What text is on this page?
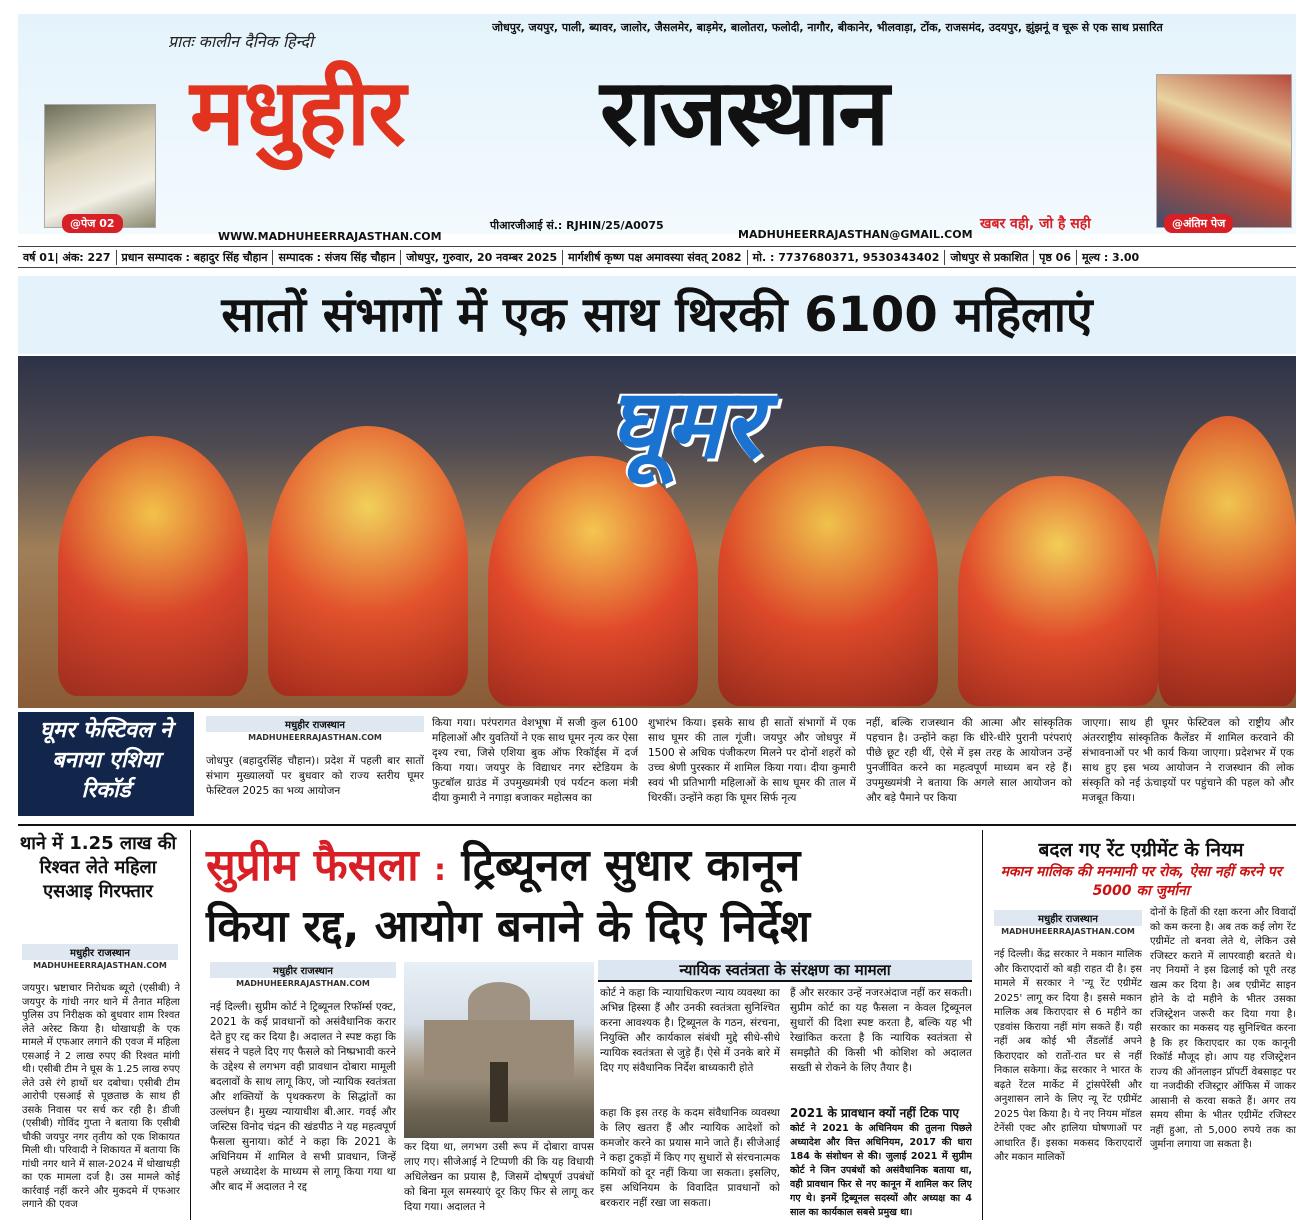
@पेज 02
प्रातः कालीन दैनिक हिन्दी
मधुहीर राजस्थान
जोधपुर, जयपुर, पाली, ब्यावर, जालोर, जैसलमेर, बाड़मेर, बालोतरा, फलोदी, नागौर, बीकानेर, भीलवाड़ा, टोंक, राजसमंद, उदयपुर, झुंझनूं व चूरू से एक साथ प्रसारित
पीआरजीआई सं.: RJHIN/25/A0075
WWW.MADHUHEERRAJASTHAN.COM	MADHUHEERRAJASTHAN@GMAIL.COM
खबर वही, जो है सही	@अंतिम पेज
वर्ष 01| अंक: 227	प्रधान सम्पादक : बहादुर सिंह चौहान	सम्पादक : संजय सिंह चौहान	जोधपुर, गुरुवार, 20 नवम्बर 2025	मार्गशीर्ष कृष्ण पक्ष अमावस्या संवत् 2082	मो. : 7737680371, 9530343402	जोधपुर से प्रकाशित	पृष्ठ 06	मूल्य : 3.00
सातों संभागों में एक साथ थिरकी 6100 महिलाएं
घूमर
घूमर फेस्टिवल ने बनाया एशिया रिकॉर्ड
मधुहीर राजस्थान
MADHUHEERRAJASTHAN.COM
जोधपुर (बहादुरसिंह चौहान)। प्रदेश में पहली बार सातों संभाग मुख्यालयों पर बुधवार को राज्य स्तरीय घूमर फेस्टिवल 2025 का भव्य आयोजन
किया गया। परंपरागत वेशभूषा में सजी कुल 6100 महिलाओं और युवतियों ने एक साथ घूमर नृत्य कर ऐसा दृश्य रचा, जिसे एशिया बुक ऑफ रिकॉर्ड्स में दर्ज किया गया। जयपुर के विद्याधर नगर स्टेडियम के फुटबॉल ग्राउंड में उपमुख्यमंत्री एवं पर्यटन कला मंत्री दीया कुमारी ने नगाड़ा बजाकर महोत्सव का
शुभारंभ किया। इसके साथ ही सातों संभागों में एक साथ घूमर की ताल गूंजी। जयपुर और जोधपुर में 1500 से अधिक पंजीकरण मिलने पर दोनों शहरों को उच्च श्रेणी पुरस्कार में शामिल किया गया। दीया कुमारी स्वयं भी प्रतिभागी महिलाओं के साथ घूमर की ताल में थिरकीं। उन्होंने कहा कि घूमर सिर्फ नृत्य
नहीं, बल्कि राजस्थान की आत्मा और सांस्कृतिक पहचान है। उन्होंने कहा कि धीरे-धीरे पुरानी परंपराएं पीछे छूट रही थीं, ऐसे में इस तरह के आयोजन उन्हें पुनर्जीवित करने का महत्वपूर्ण माध्यम बन रहे हैं। उपमुख्यमंत्री ने बताया कि अगले साल आयोजन को और बड़े पैमाने पर किया
जाएगा। साथ ही घूमर फेस्टिवल को राष्ट्रीय और अंतरराष्ट्रीय सांस्कृतिक कैलेंडर में शामिल करवाने की संभावनाओं पर भी कार्य किया जाएगा। प्रदेशभर में एक साथ हुए इस भव्य आयोजन ने राजस्थान की लोक संस्कृति को नई ऊंचाइयों पर पहुंचाने की पहल को और मजबूत किया।
थाने में 1.25 लाख की रिश्वत लेते महिला एसआइ गिरफ्तार
मधुहीर राजस्थान
MADHUHEERRAJASTHAN.COM
जयपुर। भ्रष्टाचार निरोधक ब्यूरो (एसीबी) ने जयपुर के गांधी नगर थाने में तैनात महिला पुलिस उप निरीक्षक को बुधवार शाम रिश्वत लेते अरेस्ट किया है। धोखाधड़ी के एक मामले में एफआर लगाने की एवज में महिला एसआई ने 2 लाख रुपए की रिश्वत मांगी थी। एसीबी टीम ने घूस के 1.25 लाख रुपए लेते उसे रंगे हाथों धर दबोचा। एसीबी टीम आरोपी एसआई से पूछताछ के साथ ही उसके निवास पर सर्च कर रही है। डीजी (एसीबी) गोविंद गुप्ता ने बताया कि एसीबी चौकी जयपुर नगर तृतीय को एक शिकायत मिली थी। परिवादी ने शिकायत में बताया कि गांधी नगर थाने में साल-2024 में धोखाधड़ी का एक मामला दर्ज है। उस मामले कोई कार्रवाई नहीं करने और मुकदमे में एफआर लगाने की एवज
सुप्रीम फैसला : ट्रिब्यूनल सुधार कानून
किया रद्द, आयोग बनाने के दिए निर्देश
मधुहीर राजस्थान
MADHUHEERRAJASTHAN.COM
नई दिल्ली। सुप्रीम कोर्ट ने ट्रिब्यूनल रिफॉर्म्स एक्ट, 2021 के कई प्रावधानों को असंवैधानिक करार देते हुए रद्द कर दिया है। अदालत ने स्पष्ट कहा कि संसद ने पहले दिए गए फैसले को निष्प्रभावी करने के उद्देश्य से लगभग वही प्रावधान दोबारा मामूली बदलावों के साथ लागू किए, जो न्यायिक स्वतंत्रता और शक्तियों के पृथक्करण के सिद्धांतों का उल्लंघन है। मुख्य न्यायाधीश बी.आर. गवई और जस्टिस विनोद चंद्रन की खंडपीठ ने यह महत्वपूर्ण फैसला सुनाया। कोर्ट ने कहा कि 2021 के अधिनियम में शामिल वे सभी प्रावधान, जिन्हें पहले अध्यादेश के माध्यम से लागू किया गया था और बाद में अदालत ने रद्द
कर दिया था, लगभग उसी रूप में दोबारा वापस लाए गए। सीजेआई ने टिप्पणी की कि यह विधायी अधिलेखन का प्रयास है, जिसमें दोषपूर्ण उपबंधों को बिना मूल समस्याएं दूर किए फिर से लागू कर दिया गया। अदालत ने
न्यायिक स्वतंत्रता के संरक्षण का मामला
कोर्ट ने कहा कि न्यायाधिकरण न्याय व्यवस्था का अभिन्न हिस्सा हैं और उनकी स्वतंत्रता सुनिश्चित करना आवश्यक है। ट्रिब्यूनल के गठन, संरचना, नियुक्ति और कार्यकाल संबंधी मुद्दे सीधे-सीधे न्यायिक स्वतंत्रता से जुड़े हैं। ऐसे में उनके बारे में दिए गए संवैधानिक निर्देश बाध्यकारी होते
कहा कि इस तरह के कदम संवैधानिक व्यवस्था के लिए खतरा हैं और न्यायिक आदेशों को कमजोर करने का प्रयास माने जाते हैं। सीजेआई ने कहा टुकड़ों में किए गए सुधारों से संरचनात्मक कमियों को दूर नहीं किया जा सकता। इसलिए, इस अधिनियम के विवादित प्रावधानों को बरकरार नहीं रखा जा सकता।
हैं और सरकार उन्हें नजरअंदाज नहीं कर सकती। सुप्रीम कोर्ट का यह फैसला न केवल ट्रिब्यूनल सुधारों की दिशा स्पष्ट करता है, बल्कि यह भी रेखांकित करता है कि न्यायिक स्वतंत्रता से समझौते की किसी भी कोशिश को अदालत सख्ती से रोकने के लिए तैयार है।
2021 के प्रावधान क्यों नहीं टिक पाए
कोर्ट ने 2021 के अधिनियम की तुलना पिछले अध्यादेश और वित्त अधिनियम, 2017 की धारा 184 के संशोधन से की। जुलाई 2021 में सुप्रीम कोर्ट ने जिन उपबंधों को असंवैधानिक बताया था, वही प्रावधान फिर से नए कानून में शामिल कर लिए गए थे। इनमें ट्रिब्यूनल सदस्यों और अध्यक्ष का 4 साल का कार्यकाल सबसे प्रमुख था।
बदल गए रेंट एग्रीमेंट के नियम
मकान मालिक की मनमानी पर रोक, ऐसा नहीं करने पर 5000 का जुर्माना
मधुहीर राजस्थान
MADHUHEERRAJASTHAN.COM
नई दिल्ली। केंद्र सरकार ने मकान मालिक और किराएदारों को बड़ी राहत दी है। इस मामले में सरकार ने 'न्यू रेंट एग्रीमेंट 2025' लागू कर दिया है। इससे मकान मालिक अब किराएदार से 6 महीने का एडवांस किराया नहीं मांग सकते हैं। यही नहीं अब कोई भी लैंडलॉर्ड अपने किराएदार को रातों-रात घर से नहीं निकाल सकेगा। केंद्र सरकार ने भारत के बढ़ते रेंटल मार्केट में ट्रांसपेरेंसी और अनुशासन लाने के लिए न्यू रेंट एग्रीमेंट 2025 पेश किया है। ये नए नियम मॉडल टेनेंसी एक्ट और हालिया घोषणाओं पर आधारित हैं। इसका मकसद किराएदारों और मकान मालिकों
दोनों के हितों की रक्षा करना और विवादों को कम करना है। अब तक कई लोग रेंट एग्रीमेंट तो बनवा लेते थे, लेकिन उसे रजिस्टर कराने में लापरवाही बरतते थे। नए नियमों ने इस ढिलाई को पूरी तरह खत्म कर दिया है। अब एग्रीमेंट साइन होने के दो महीने के भीतर उसका रजिस्ट्रेशन जरूरी कर दिया गया है। सरकार का मकसद यह सुनिश्चित करना है कि हर किराएदार का एक कानूनी रिकॉर्ड मौजूद हो। आप यह रजिस्ट्रेशन राज्य की ऑनलाइन प्रॉपर्टी वेबसाइट पर या नजदीकी रजिस्ट्रार ऑफिस में जाकर आसानी से करवा सकते हैं। अगर तय समय सीमा के भीतर एग्रीमेंट रजिस्टर नहीं हुआ, तो 5,000 रुपये तक का जुर्माना लगाया जा सकता है।
